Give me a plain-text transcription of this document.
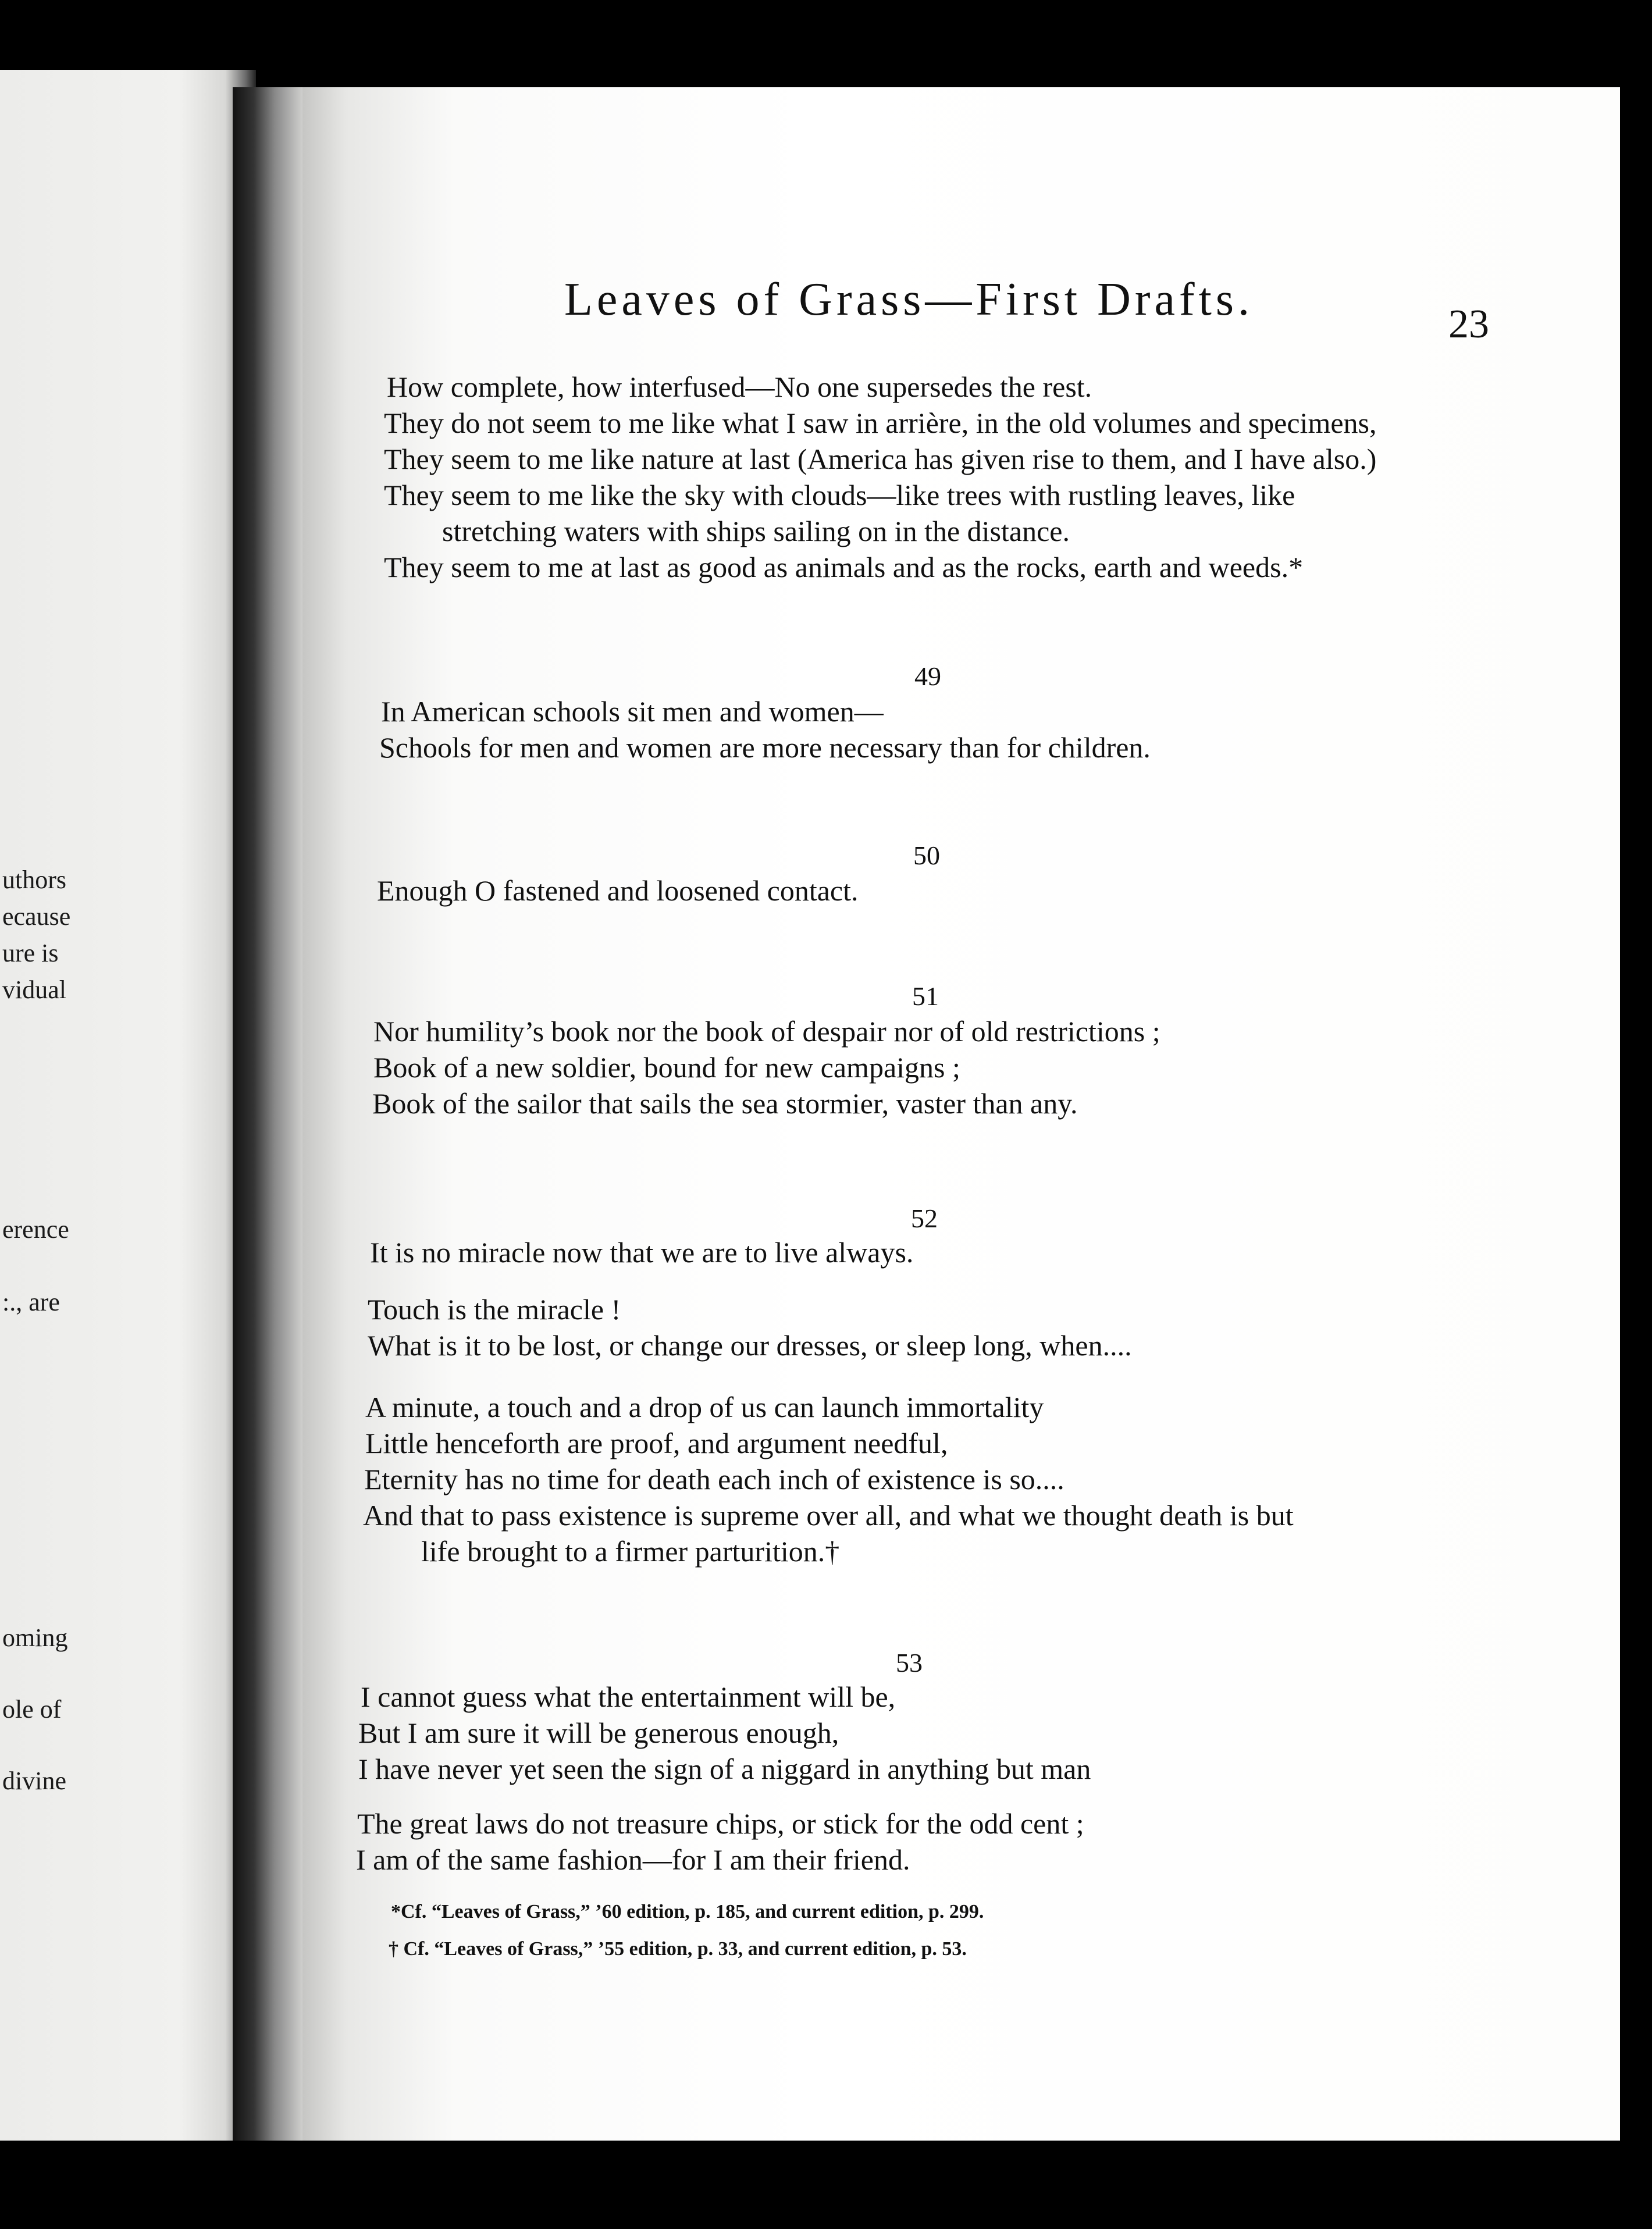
uthors
ecause
ure is
vidual
erence
:., are
oming
ole of
divine
Leaves of Grass—First Drafts.	23
How complete, how interfused—No one supersedes the rest.
They do not seem to me like what I saw in arrière, in the old volumes and specimens,
They seem to me like nature at last (America has given rise to them, and I have also.)
They seem to me like the sky with clouds—like trees with rustling leaves, like
stretching waters with ships sailing on in the distance.
They seem to me at last as good as animals and as the rocks, earth and weeds.*
49
In American schools sit men and women—
Schools for men and women are more necessary than for children.
50
Enough O fastened and loosened contact.
51
Nor humility’s book nor the book of despair nor of old restrictions ;
Book of a new soldier, bound for new campaigns ;
Book of the sailor that sails the sea stormier, vaster than any.
52
It is no miracle now that we are to live always.
Touch is the miracle !
What is it to be lost, or change our dresses, or sleep long, when....
A minute, a touch and a drop of us can launch immortality
Little henceforth are proof, and argument needful,
Eternity has no time for death each inch of existence is so....
And that to pass existence is supreme over all, and what we thought death is but
life brought to a firmer parturition.†
53
I cannot guess what the entertainment will be,
But I am sure it will be generous enough,
I have never yet seen the sign of a niggard in anything but man
The great laws do not treasure chips, or stick for the odd cent ;
I am of the same fashion—for I am their friend.
*Cf. “Leaves of Grass,” ’60 edition, p. 185, and current edition, p. 299.
† Cf. “Leaves of Grass,” ’55 edition, p. 33, and current edition, p. 53.
